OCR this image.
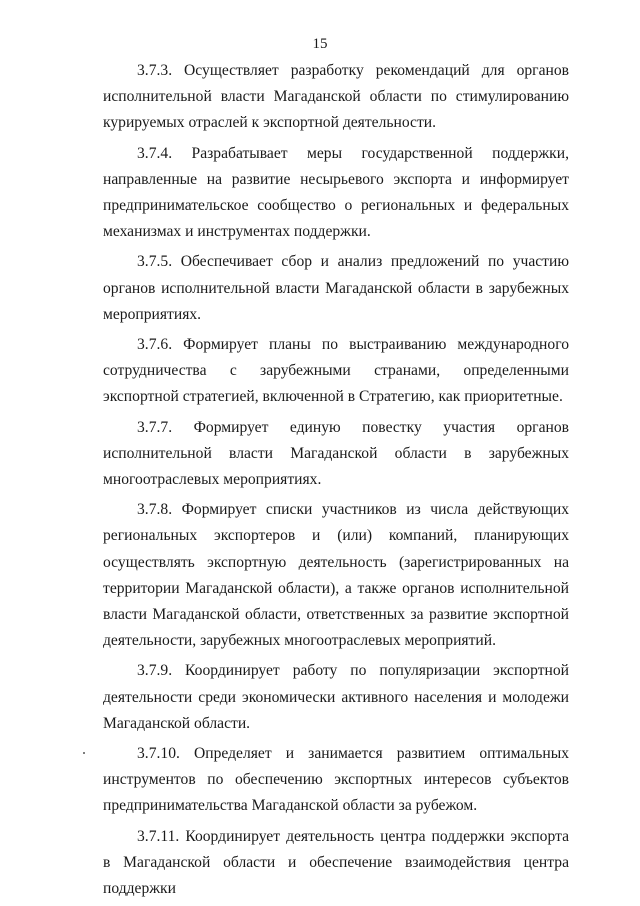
15

3.7.3. Осуществляет разработку рекомендаций для органов исполнительной власти Магаданской области по стимулированию курируемых отраслей к экспортной деятельности.

3.7.4. Разрабатывает меры государственной поддержки, направленные на развитие несырьевого экспорта и информирует предпринимательское сообщество о региональных и федеральных механизмах и инструментах поддержки.

3.7.5. Обеспечивает сбор и анализ предложений по участию органов исполнительной власти Магаданской области в зарубежных мероприятиях.

3.7.6. Формирует планы по выстраиванию международного сотрудничества с зарубежными странами, определенными экспортной стратегией, включенной в Стратегию, как приоритетные.

3.7.7. Формирует единую повестку участия органов исполнительной власти Магаданской области в зарубежных многоотраслевых мероприятиях.

3.7.8. Формирует списки участников из числа действующих региональных экспортеров и (или) компаний, планирующих осуществлять экспортную деятельность (зарегистрированных на территории Магаданской области), а также органов исполнительной власти Магаданской области, ответственных за развитие экспортной деятельности, зарубежных многоотраслевых мероприятий.

3.7.9. Координирует работу по популяризации экспортной деятельности среди экономически активного населения и молодежи Магаданской области.

3.7.10. Определяет и занимается развитием оптимальных инструментов по обеспечению экспортных интересов субъектов предпринимательства Магаданской области за рубежом.

3.7.11. Координирует деятельность центра поддержки экспорта в Магаданской области и обеспечение взаимодействия центра поддержки
